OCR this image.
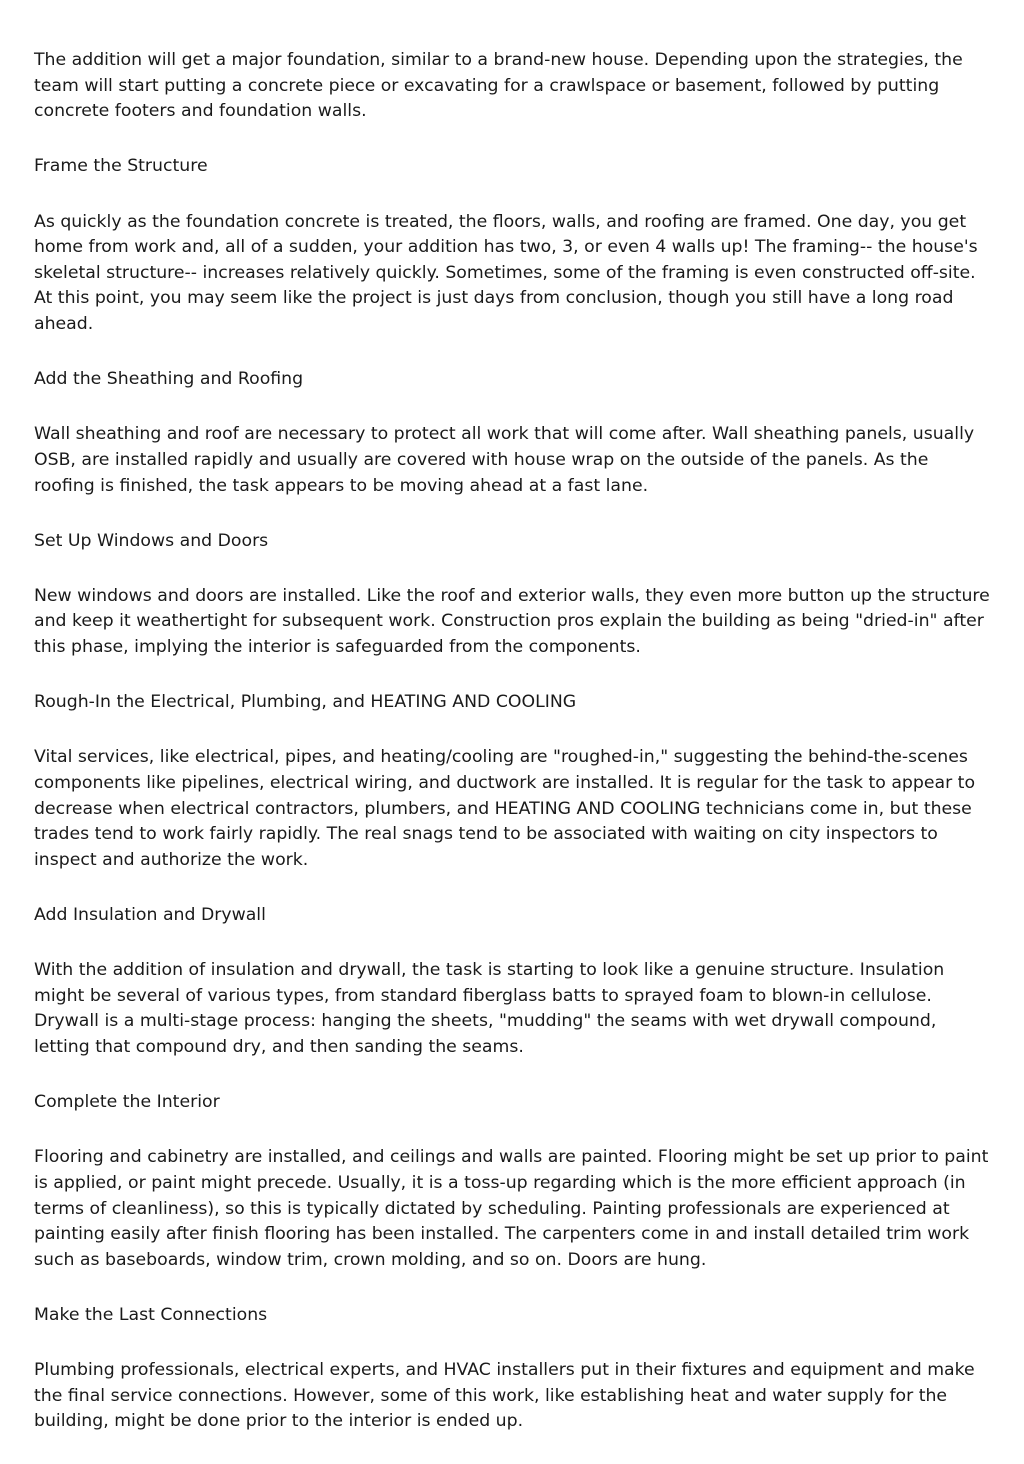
The addition will get a major foundation, similar to a brand-new house. Depending upon the strategies, the team will start putting a concrete piece or excavating for a crawlspace or basement, followed by putting concrete footers and foundation walls.

Frame the Structure

As quickly as the foundation concrete is treated, the floors, walls, and roofing are framed. One day, you get home from work and, all of a sudden, your addition has two, 3, or even 4 walls up! The framing-- the house's skeletal structure-- increases relatively quickly. Sometimes, some of the framing is even constructed off-site. At this point, you may seem like the project is just days from conclusion, though you still have a long road ahead.

Add the Sheathing and Roofing

Wall sheathing and roof are necessary to protect all work that will come after. Wall sheathing panels, usually OSB, are installed rapidly and usually are covered with house wrap on the outside of the panels. As the roofing is finished, the task appears to be moving ahead at a fast lane.

Set Up Windows and Doors

New windows and doors are installed. Like the roof and exterior walls, they even more button up the structure and keep it weathertight for subsequent work. Construction pros explain the building as being "dried-in" after this phase, implying the interior is safeguarded from the components.

Rough-In the Electrical, Plumbing, and HEATING AND COOLING

Vital services, like electrical, pipes, and heating/cooling are "roughed-in," suggesting the behind-the-scenes components like pipelines, electrical wiring, and ductwork are installed. It is regular for the task to appear to decrease when electrical contractors, plumbers, and HEATING AND COOLING technicians come in, but these trades tend to work fairly rapidly. The real snags tend to be associated with waiting on city inspectors to inspect and authorize the work.

Add Insulation and Drywall

With the addition of insulation and drywall, the task is starting to look like a genuine structure. Insulation might be several of various types, from standard fiberglass batts to sprayed foam to blown-in cellulose. Drywall is a multi-stage process: hanging the sheets, "mudding" the seams with wet drywall compound, letting that compound dry, and then sanding the seams.

Complete the Interior

Flooring and cabinetry are installed, and ceilings and walls are painted. Flooring might be set up prior to paint is applied, or paint might precede. Usually, it is a toss-up regarding which is the more efficient approach (in terms of cleanliness), so this is typically dictated by scheduling. Painting professionals are experienced at painting easily after finish flooring has been installed. The carpenters come in and install detailed trim work such as baseboards, window trim, crown molding, and so on. Doors are hung.

Make the Last Connections

Plumbing professionals, electrical experts, and HVAC installers put in their fixtures and equipment and make the final service connections. However, some of this work, like establishing heat and water supply for the building, might be done prior to the interior is ended up.
